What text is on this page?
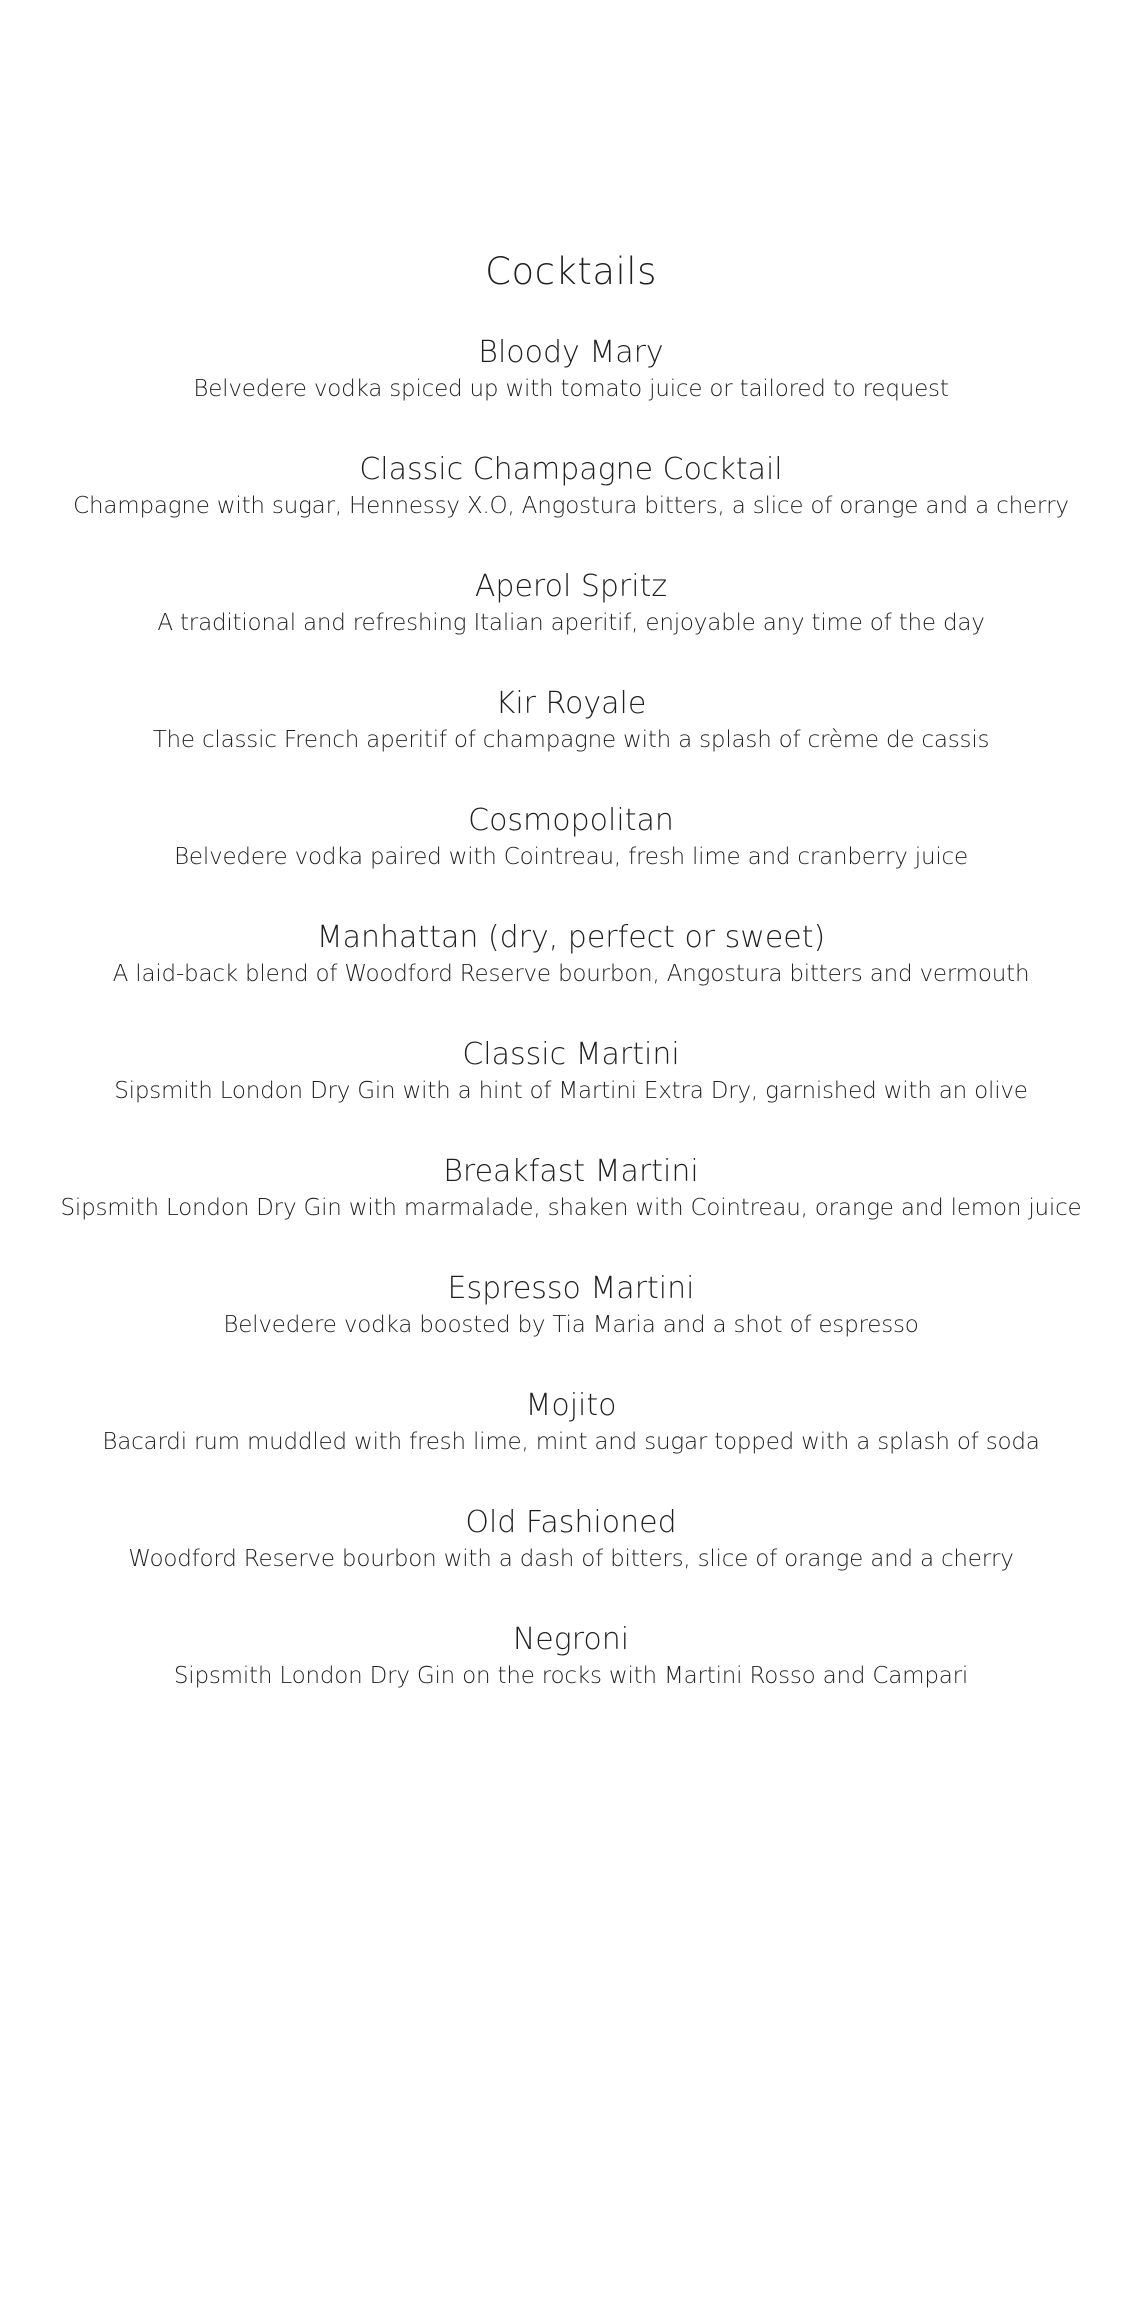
Cocktails
Bloody Mary
Belvedere vodka spiced up with tomato juice or tailored to request
Classic Champagne Cocktail
Champagne with sugar, Hennessy X.O, Angostura bitters, a slice of orange and a cherry
Aperol Spritz
A traditional and refreshing Italian aperitif, enjoyable any time of the day
Kir Royale
The classic French aperitif of champagne with a splash of crème de cassis
Cosmopolitan
Belvedere vodka paired with Cointreau, fresh lime and cranberry juice
Manhattan (dry, perfect or sweet)
A laid-back blend of Woodford Reserve bourbon, Angostura bitters and vermouth
Classic Martini
Sipsmith London Dry Gin with a hint of Martini Extra Dry, garnished with an olive
Breakfast Martini
Sipsmith London Dry Gin with marmalade, shaken with Cointreau, orange and lemon juice
Espresso Martini
Belvedere vodka boosted by Tia Maria and a shot of espresso
Mojito
Bacardi rum muddled with fresh lime, mint and sugar topped with a splash of soda
Old Fashioned
Woodford Reserve bourbon with a dash of bitters, slice of orange and a cherry
Negroni
Sipsmith London Dry Gin on the rocks with Martini Rosso and Campari
